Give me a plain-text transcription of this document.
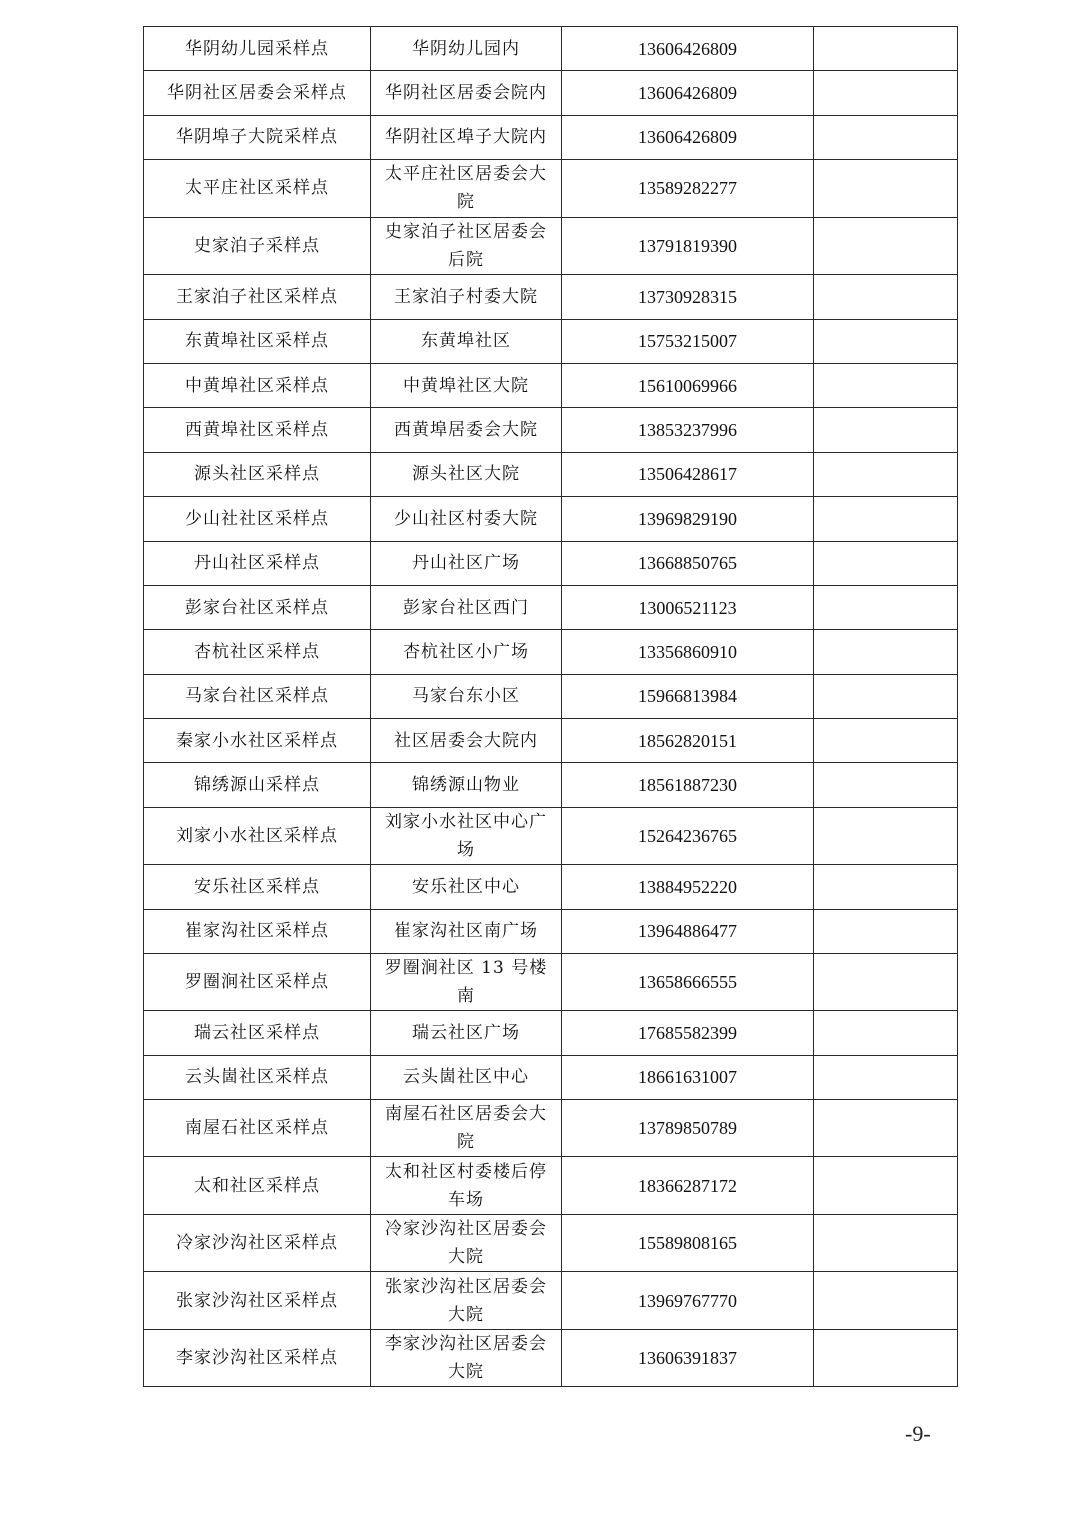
华阴幼儿园采样点	华阴幼儿园内	13606426809	
华阴社区居委会采样点	华阴社区居委会院内	13606426809	
华阴埠子大院采样点	华阴社区埠子大院内	13606426809	
太平庄社区采样点	太平庄社区居委会大院	13589282277	
史家泊子采样点	史家泊子社区居委会后院	13791819390	
王家泊子社区采样点	王家泊子村委大院	13730928315	
东黄埠社区采样点	东黄埠社区	15753215007	
中黄埠社区采样点	中黄埠社区大院	15610069966	
西黄埠社区采样点	西黄埠居委会大院	13853237996	
源头社区采样点	源头社区大院	13506428617	
少山社社区采样点	少山社区村委大院	13969829190	
丹山社区采样点	丹山社区广场	13668850765	
彭家台社区采样点	彭家台社区西门	13006521123	
杏杭社区采样点	杏杭社区小广场	13356860910	
马家台社区采样点	马家台东小区	15966813984	
秦家小水社区采样点	社区居委会大院内	18562820151	
锦绣源山采样点	锦绣源山物业	18561887230	
刘家小水社区采样点	刘家小水社区中心广场	15264236765	
安乐社区采样点	安乐社区中心	13884952220	
崔家沟社区采样点	崔家沟社区南广场	13964886477	
罗圈涧社区采样点	罗圈涧社区 13 号楼南	13658666555	
瑞云社区采样点	瑞云社区广场	17685582399	
云头崮社区采样点	云头崮社区中心	18661631007	
南屋石社区采样点	南屋石社区居委会大院	13789850789	
太和社区采样点	太和社区村委楼后停车场	18366287172	
冷家沙沟社区采样点	冷家沙沟社区居委会大院	15589808165	
张家沙沟社区采样点	张家沙沟社区居委会大院	13969767770	
李家沙沟社区采样点	李家沙沟社区居委会大院	13606391837	
-9-
